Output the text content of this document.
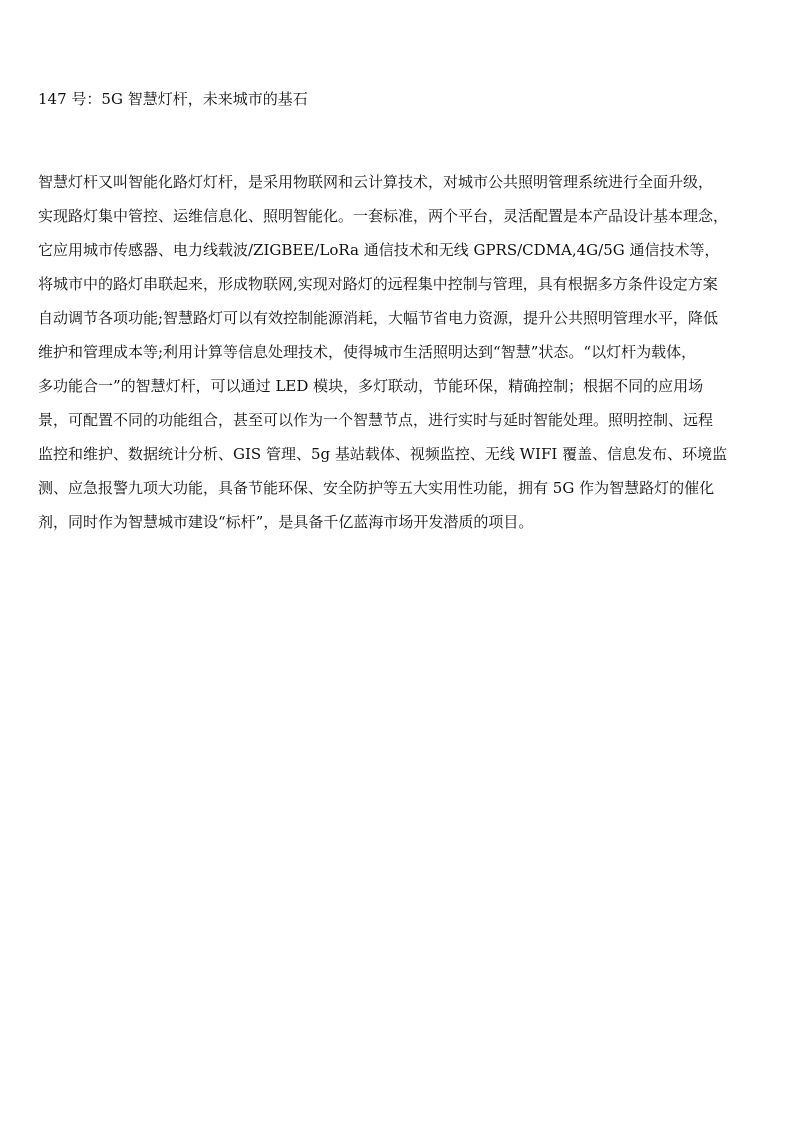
147 号：5G 智慧灯杆，未来城市的基石
智慧灯杆又叫智能化路灯灯杆，是采用物联网和云计算技术，对城市公共照明管理系统进行全面升级，
实现路灯集中管控、运维信息化、照明智能化。一套标准，两个平台，灵活配置是本产品设计基本理念，
它应用城市传感器、电力线载波/ZIGBEE/LoRa 通信技术和无线 GPRS/CDMA,4G/5G 通信技术等，
将城市中的路灯串联起来，形成物联网,实现对路灯的远程集中控制与管理，具有根据多方条件设定方案
自动调节各项功能;智慧路灯可以有效控制能源消耗，大幅节省电力资源，提升公共照明管理水平，降低
维护和管理成本等;利用计算等信息处理技术，使得城市生活照明达到“智慧”状态。“以灯杆为载体，
多功能合一”的智慧灯杆，可以通过 LED 模块，多灯联动，节能环保，精确控制；根据不同的应用场
景，可配置不同的功能组合，甚至可以作为一个智慧节点，进行实时与延时智能处理。照明控制、远程
监控和维护、数据统计分析、GIS 管理、5g 基站载体、视频监控、无线 WIFI 覆盖、信息发布、环境监
测、应急报警九项大功能，具备节能环保、安全防护等五大实用性功能，拥有 5G 作为智慧路灯的催化
剂，同时作为智慧城市建设“标杆”，是具备千亿蓝海市场开发潜质的项目。
